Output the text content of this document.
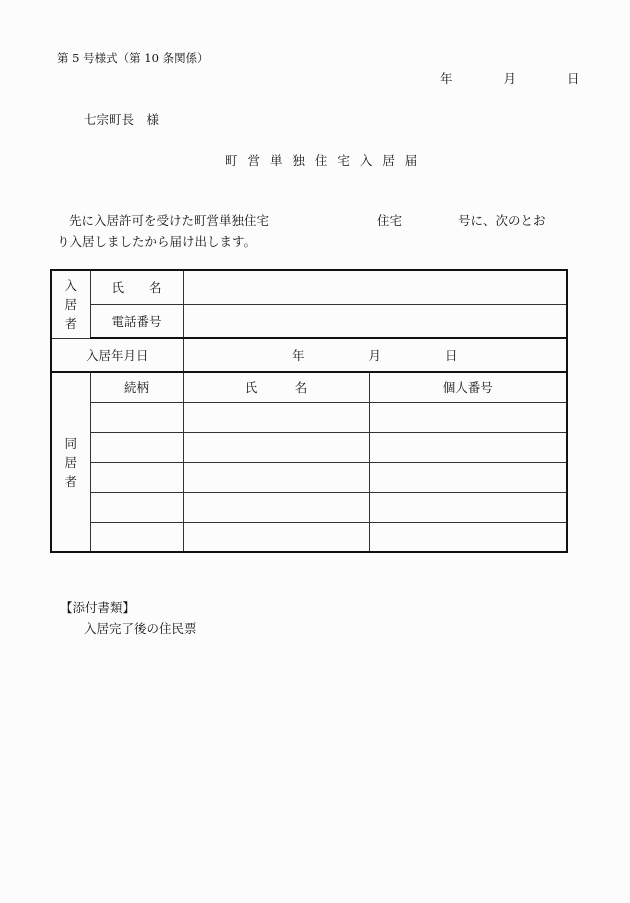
第 5 号様式（第 10 条関係）
年	月	日
七宗町長　様
町 営 単 独 住 宅 入 居 届
先に入居許可を受けた町営単独住宅	住宅	号に、次のとお
り入居しましたから届け出します。
入
居
者	氏　　名		
	電話番号		
入居年月日		年 月 日	

同
居
者	続柄	氏　　　名	個人番号

【添付書類】
入居完了後の住民票
